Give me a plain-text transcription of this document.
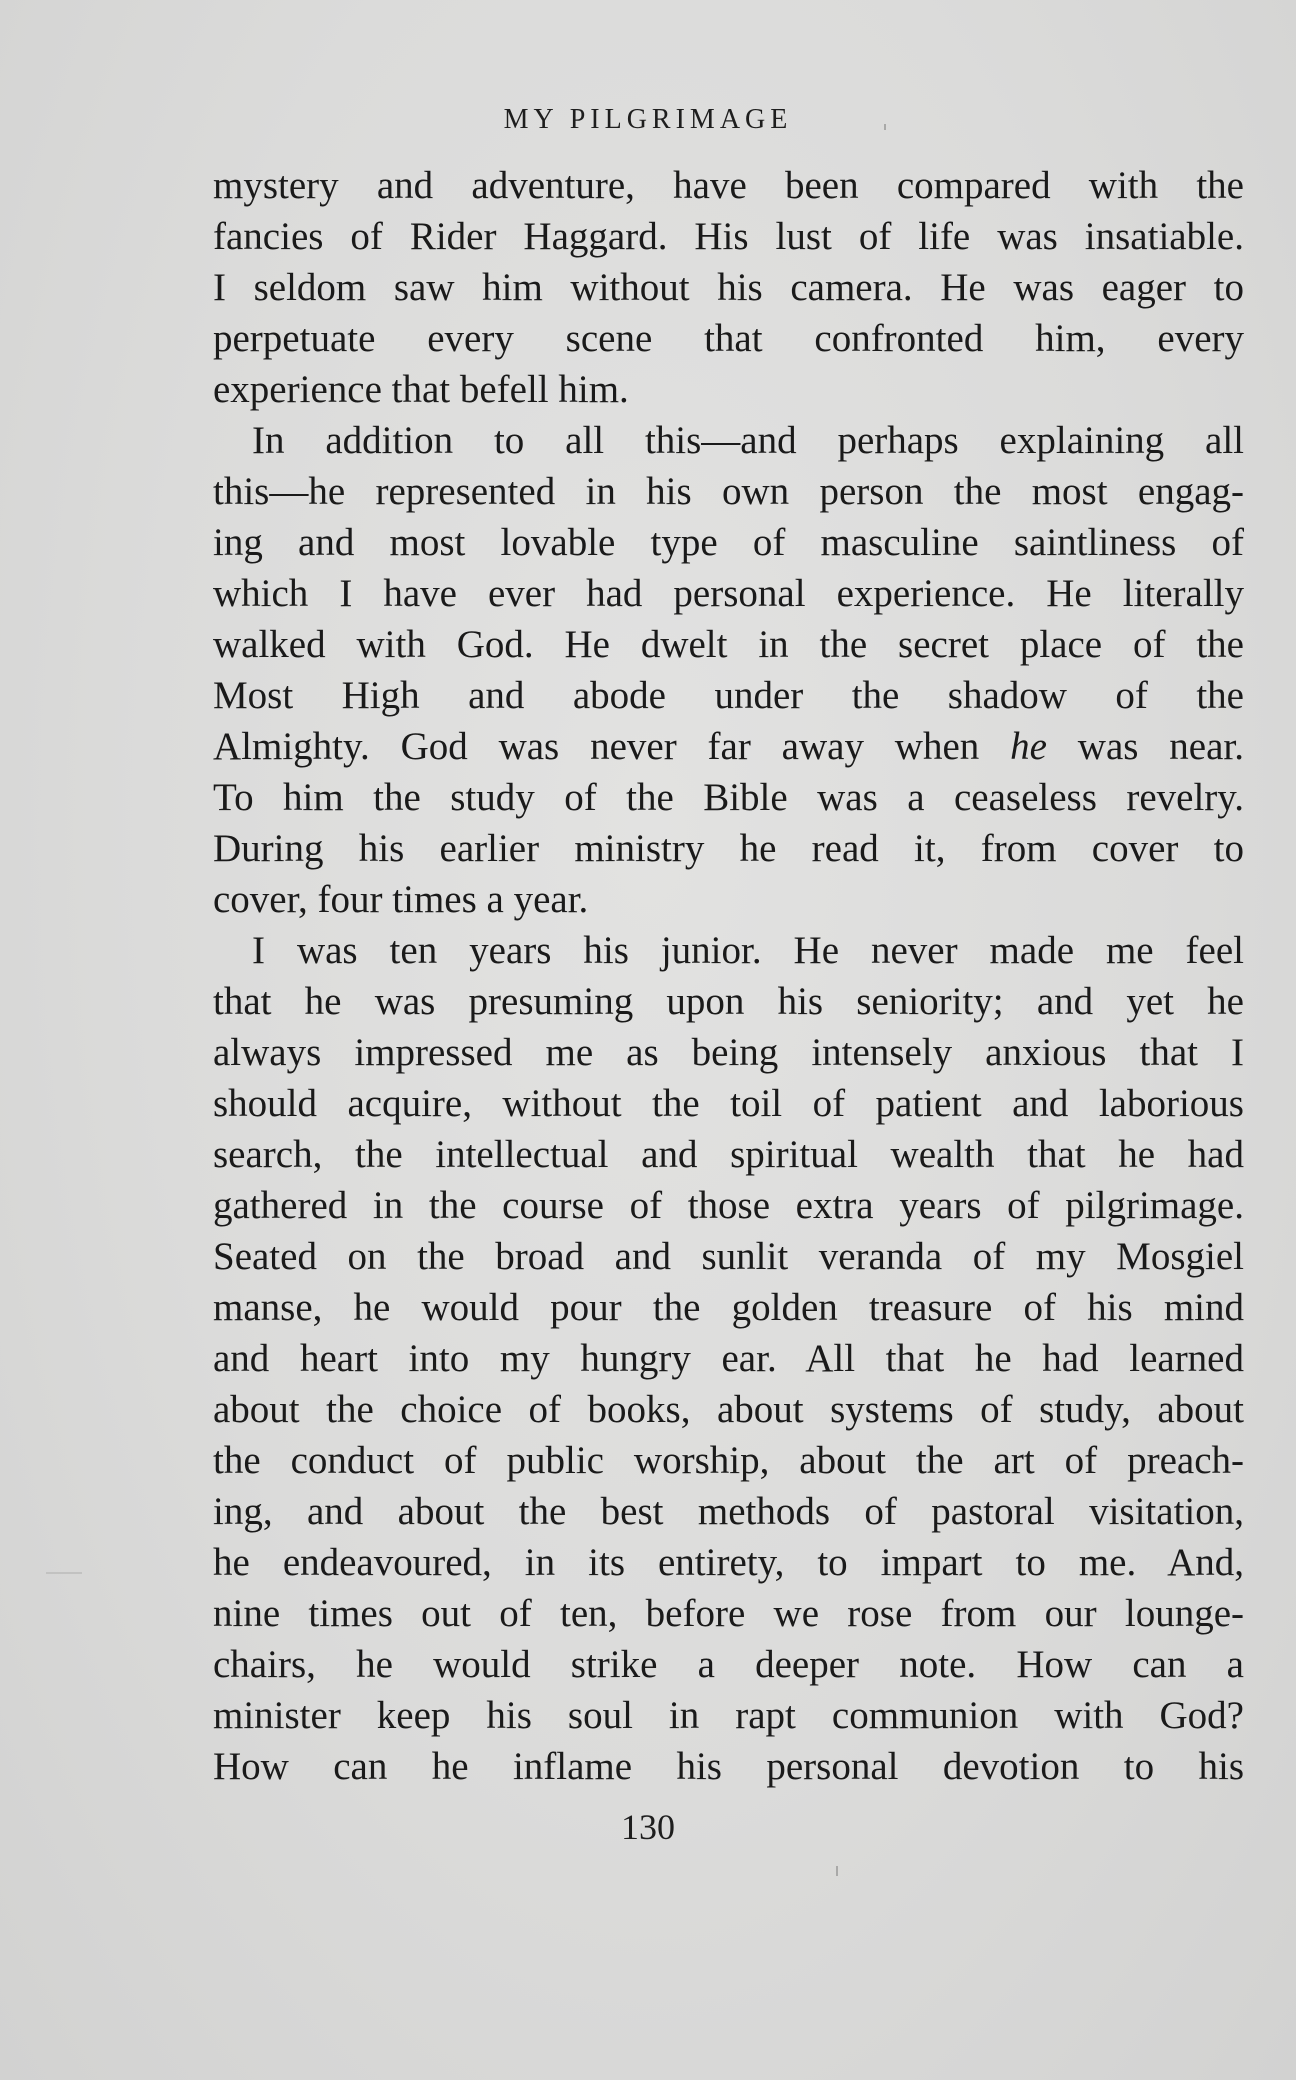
MY PILGRIMAGE
mystery and adventure, have been compared with the
fancies of Rider Haggard. His lust of life was insatiable.
I seldom saw him without his camera. He was eager to
perpetuate every scene that confronted him, every
experience that befell him.
In addition to all this—and perhaps explaining all
this—he represented in his own person the most engag-
ing and most lovable type of masculine saintliness of
which I have ever had personal experience. He literally
walked with God. He dwelt in the secret place of the
Most High and abode under the shadow of the
Almighty. God was never far away when he was near.
To him the study of the Bible was a ceaseless revelry.
During his earlier ministry he read it, from cover to
cover, four times a year.
I was ten years his junior. He never made me feel
that he was presuming upon his seniority; and yet he
always impressed me as being intensely anxious that I
should acquire, without the toil of patient and laborious
search, the intellectual and spiritual wealth that he had
gathered in the course of those extra years of pilgrimage.
Seated on the broad and sunlit veranda of my Mosgiel
manse, he would pour the golden treasure of his mind
and heart into my hungry ear. All that he had learned
about the choice of books, about systems of study, about
the conduct of public worship, about the art of preach-
ing, and about the best methods of pastoral visitation,
he endeavoured, in its entirety, to impart to me. And,
nine times out of ten, before we rose from our lounge-
chairs, he would strike a deeper note. How can a
minister keep his soul in rapt communion with God?
How can he inflame his personal devotion to his
130
